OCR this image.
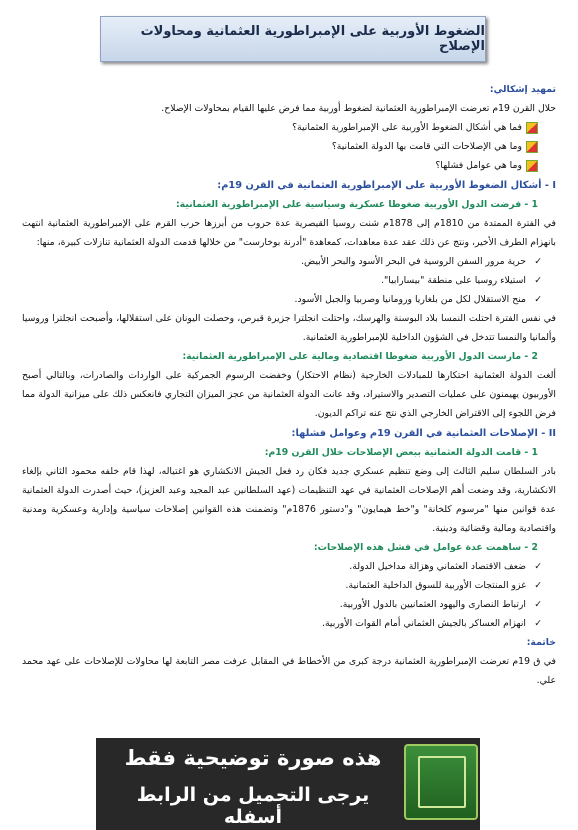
الضغوط الأوربية على الإمبراطورية العثمانية ومحاولات الإصلاح
تمهيد إشكالي:
حلال القرن 19م تعرضت الإمبراطورية العثمانية لضغوط أوربية مما فرض عليها القيام بمحاولات الإصلاح.
فما هي أشكال الضغوط الأوربية على الإمبراطورية العثمانية؟
وما هي الإصلاحات التي قامت بها الدولة العثمانية؟
وما هي عوامل فشلها؟
I - أشكال الضغوط الأوربية على الإمبراطورية العثمانية في القرن 19م:
1 - فرضت الدول الأوربية ضغوطا عسكرية وسياسية على الإمبراطورية العثمانية:
في الفترة الممتدة من 1810م إلى 1878م شنت روسيا القيصرية عدة حروب من أبرزها حرب القرم على الإمبراطورية العثمانية انتهت بانهزام الطرف الأخير، ونتج عن ذلك عقد عدة معاهدات، كمعاهدة "أدرنة بوخارست" من خلالها قدمت الدولة العثمانية تنازلات كبيرة، منها:
✓
حرية مرور السفن الروسية في البحر الأسود والبحر الأبيض.
✓
استيلاء روسيا على منطقة "بيسارابيا".
✓
منح الاستقلال لكل من بلغاريا ورومانيا وصربيا والجبل الأسود.
في نفس الفترة احتلت النمسا بلاد البوسنة والهرسك، واحتلت انجلترا جزيرة قبرص، وحصلت اليونان على استقلالها، وأصبحت انجلترا وروسيا وألمانيا والنمسا تتدخل في الشؤون الداخلية للإمبراطورية العثمانية.
2 - مارست الدول الأوربية ضغوطا اقتصادية ومالية على الإمبراطورية العثمانية:
ألغت الدولة العثمانية احتكارها للمبادلات الخارجية (نظام الاحتكار) وخفضت الرسوم الجمركية على الواردات والصادرات، وبالتالي أصبح الأوربيون يهيمنون على عمليات التصدير والاستيراد، وقد عانت الدولة العثمانية من عجز الميزان التجاري فانعكس ذلك على ميزانية الدولة مما فرض اللجوء إلى الاقتراض الخارجي الذي نتج عنه تراكم الديون.
II - الإصلاحات العثمانية في القرن 19م وعوامل فشلها:
1 - قامت الدولة العثمانية ببعض الإصلاحات خلال القرن 19م:
بادر السلطان سليم الثالث إلى وضع تنظيم عسكري جديد فكان رد فعل الجيش الانكشاري هو اغتياله، لهذا قام خلفه محمود الثاني بإلغاء الانكشارية، وقد وضعت أهم الإصلاحات العثمانية في عهد التنظيمات (عهد السلطانين عبد المجيد وعبد العزيز)، حيث أصدرت الدولة العثمانية عدة قوانين منها "مرسوم كلخانة" و"خط هيمايون" و"دستور 1876م" وتضمنت هذه القوانين إصلاحات سياسية وإدارية وعسكرية ومدنية واقتصادية ومالية وقضائية ودينية.
2 - ساهمت عدة عوامل في فشل هذه الإصلاحات:
✓
ضعف الاقتصاد العثماني وهزالة مداخيل الدولة.
✓
غزو المنتجات الأوربية للسوق الداخلية العثمانية.
✓
ارتباط النصارى واليهود العثمانيين بالدول الأوربية.
✓
انهزام العساكر بالجيش العثماني أمام القوات الأوربية.
خاتمة:
في ق 19م تعرضت الإمبراطورية العثمانية درجة كبرى من الأخطاط في المقابل عرفت مصر التابعة لها محاولات للإصلاحات على عهد محمد علي.
هذه صورة توضيحية فقط
يرجى التحميل من الرابط أسفله
